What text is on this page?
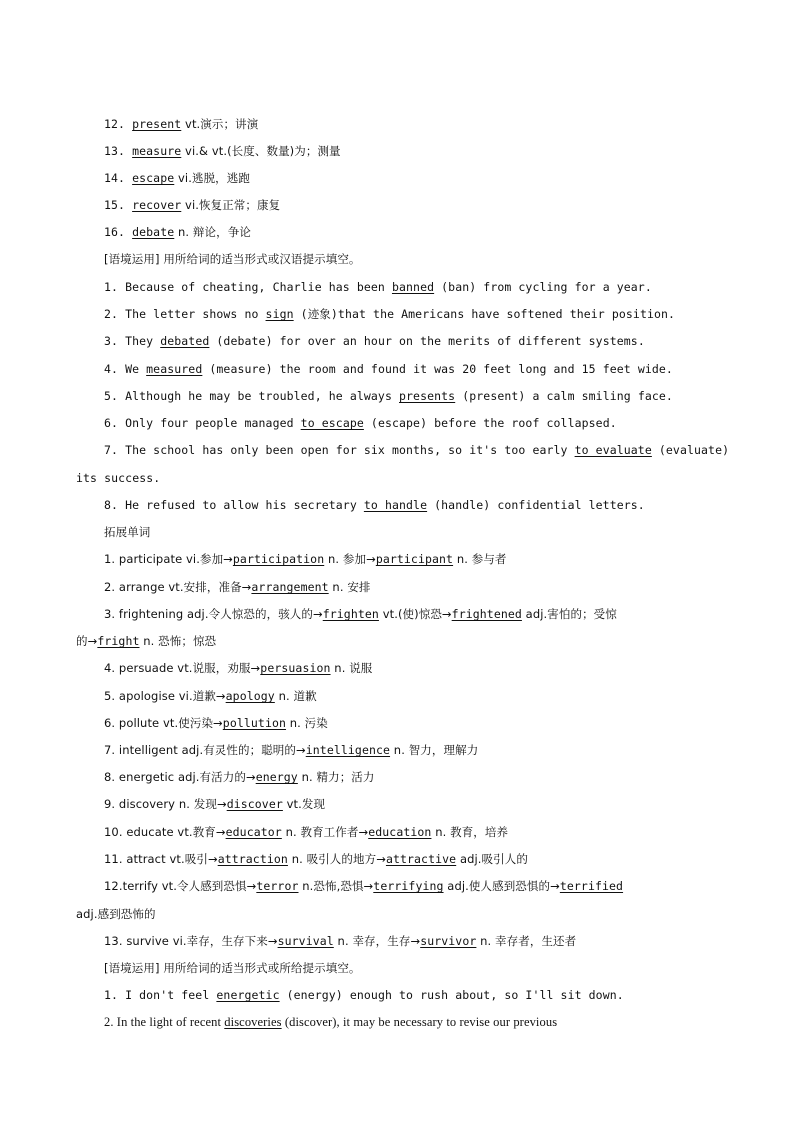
12. present vt.演示；讲演
13. measure vi.& vt.(长度、数量)为；测量
14. escape vi.逃脱，逃跑
15. recover vi.恢复正常；康复
16. debate n. 辩论，争论
[语境运用] 用所给词的适当形式或汉语提示填空。
1. Because of cheating, Charlie has been banned (ban) from cycling for a year.
2. The letter shows no sign (迹象)that the Americans have softened their position.
3. They debated (debate) for over an hour on the merits of different systems.
4. We measured (measure) the room and found it was 20 feet long and 15 feet wide.
5. Although he may be troubled, he always presents (present) a calm smiling face.
6. Only four people managed to escape (escape) before the roof collapsed.
7. The school has only been open for six months, so it's too early to evaluate (evaluate)
its success.
8. He refused to allow his secretary to handle (handle) confidential letters.
拓展单词
1. participate vi.参加→participation n. 参加→participant n. 参与者
2. arrange vt.安排，准备→arrangement n. 安排
3. frightening adj.令人惊恐的，骇人的→frighten vt.(使)惊恐→frightened adj.害怕的；受惊
的→fright n. 恐怖；惊恐
4. persuade vt.说服，劝服→persuasion n. 说服
5. apologise vi.道歉→apology n. 道歉
6. pollute vt.使污染→pollution n. 污染
7. intelligent adj.有灵性的；聪明的→intelligence n. 智力，理解力
8. energetic adj.有活力的→energy n. 精力；活力
9. discovery n. 发现→discover vt.发现
10. educate vt.教育→educator n. 教育工作者→education n. 教育，培养
11. attract vt.吸引→attraction n. 吸引人的地方→attractive adj.吸引人的
12.terrify vt.令人感到恐惧→terror n.恐怖,恐惧→terrifying adj.使人感到恐惧的→terrified
adj.感到恐怖的
13. survive vi.幸存，生存下来→survival n. 幸存，生存→survivor n. 幸存者，生还者
[语境运用] 用所给词的适当形式或所给提示填空。
1. I don't feel energetic (energy) enough to rush about, so I'll sit down.
2. In the light of recent discoveries (discover), it may be necessary to revise our previous
